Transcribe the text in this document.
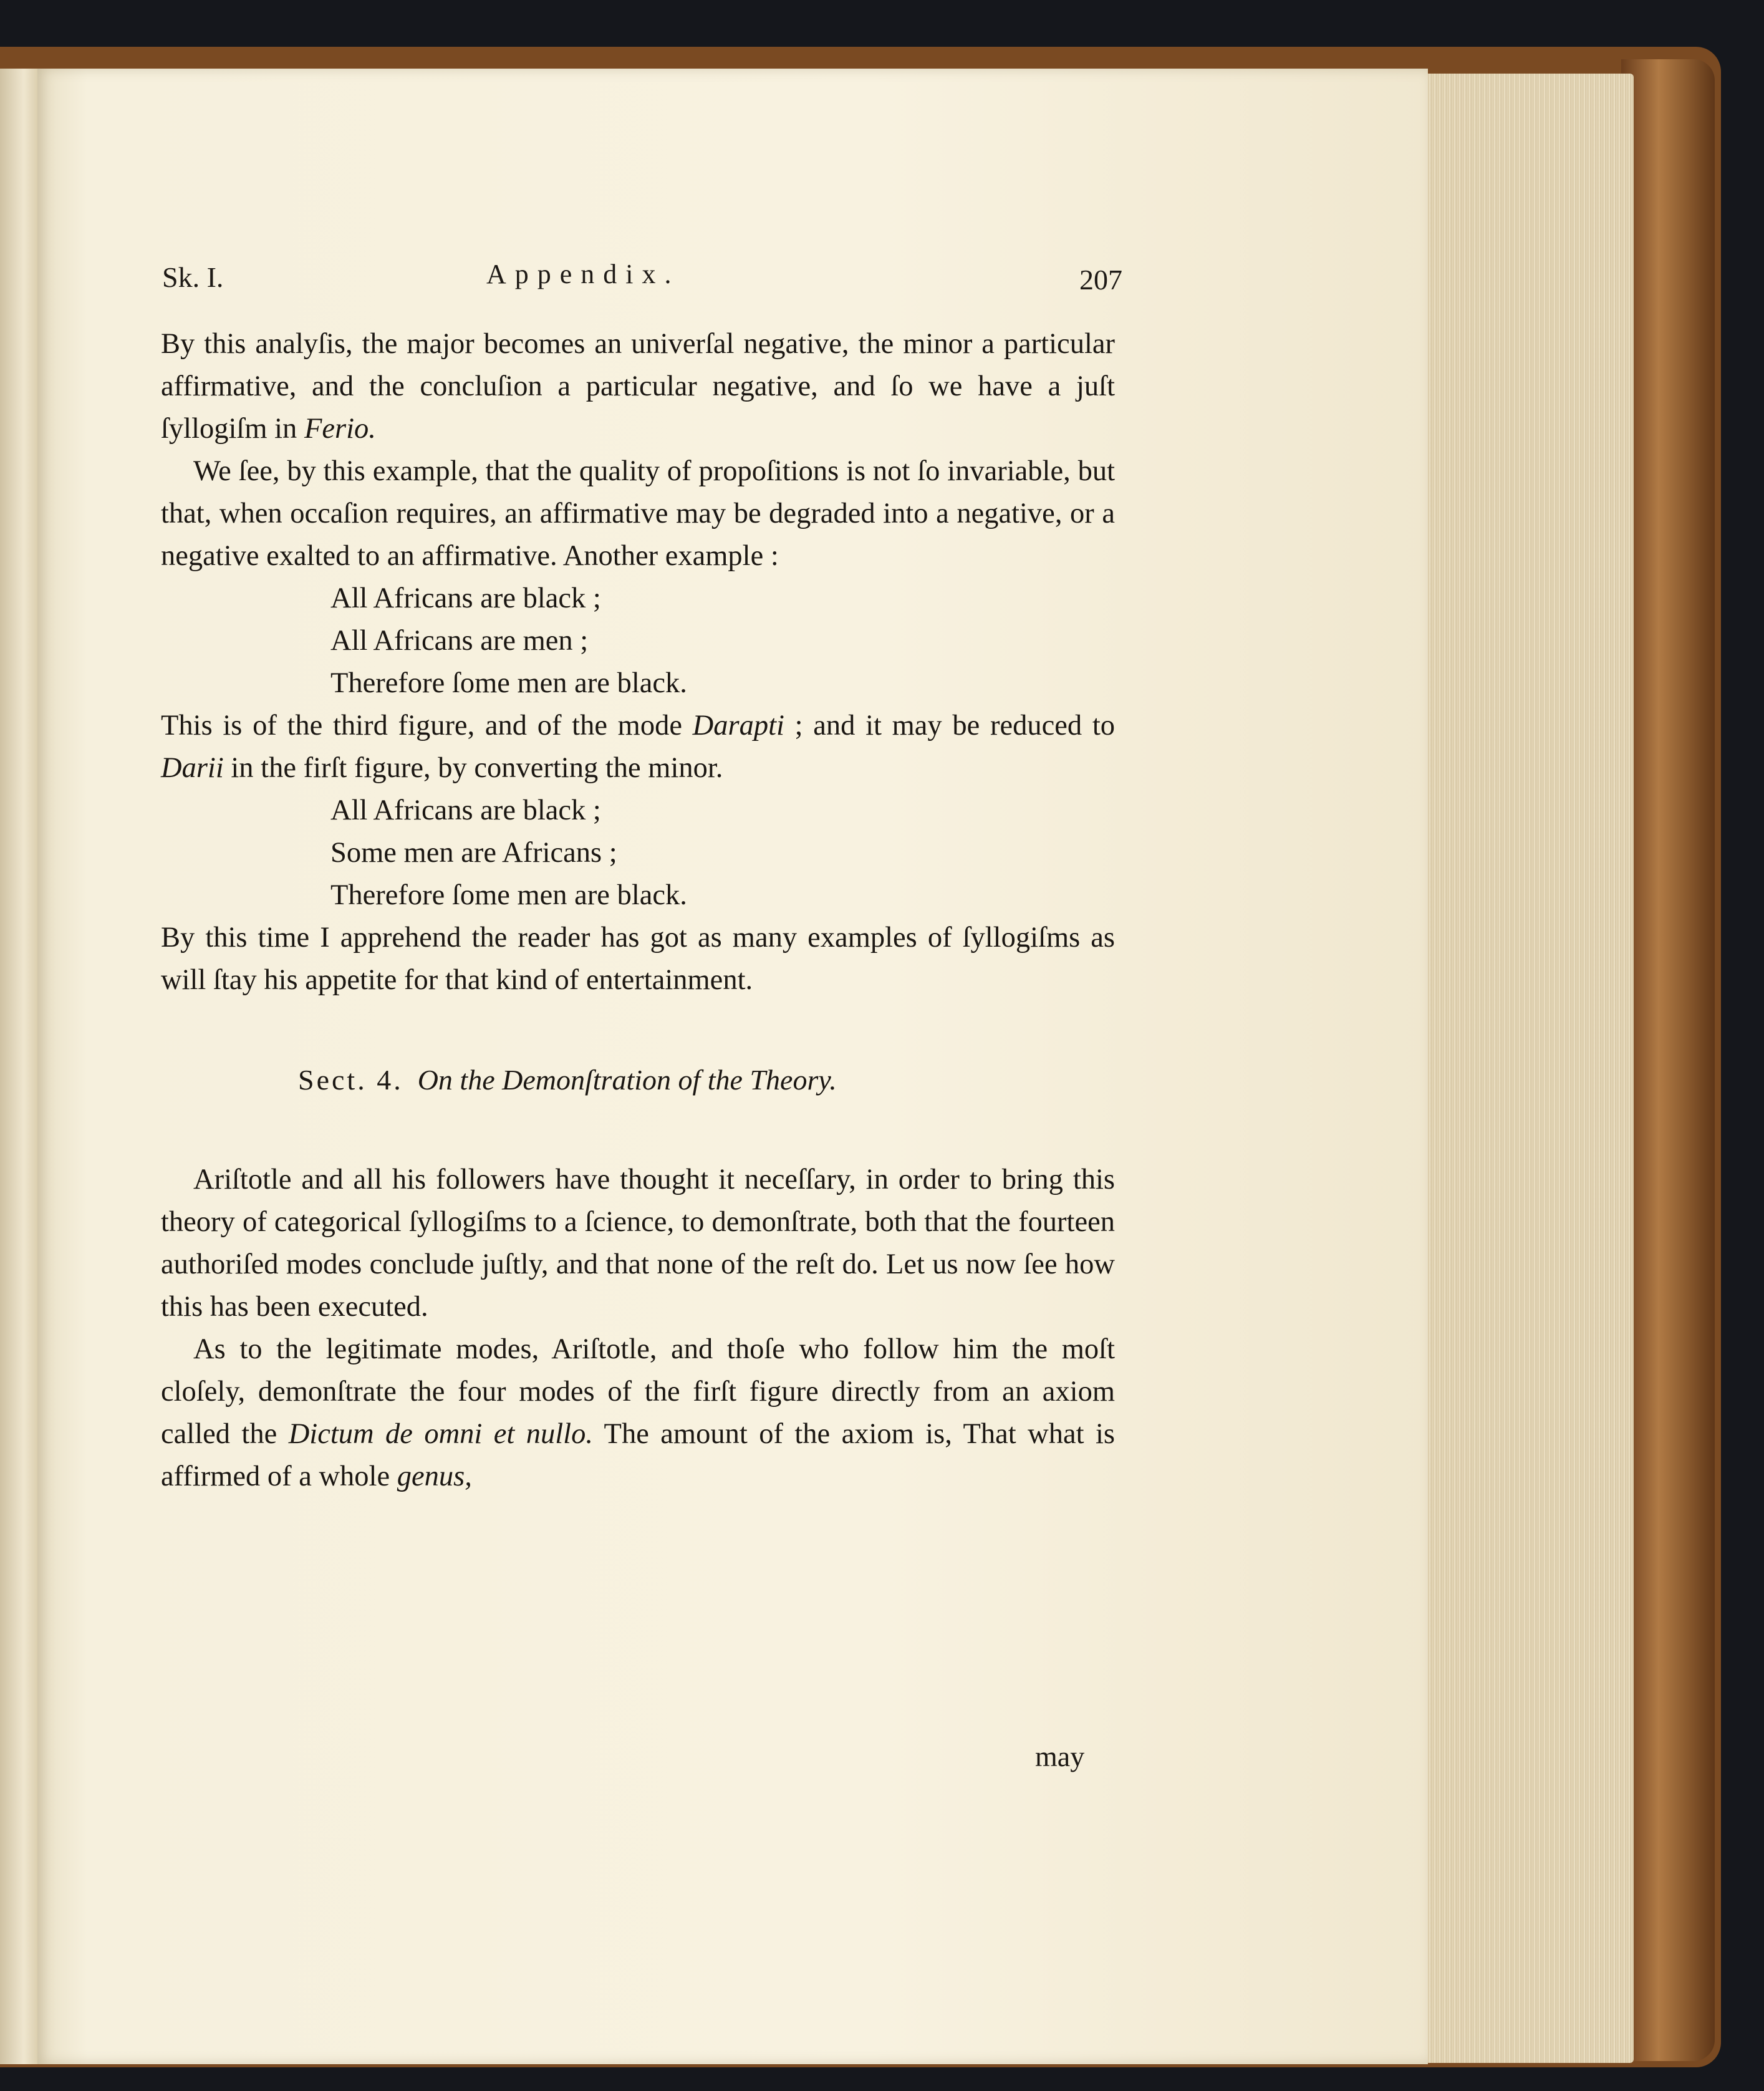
Sk. I.	Appendix.	207

By this analyſis, the major becomes an univerſal negative, the minor a particular affirmative, and the concluſion a particular negative, and ſo we have a juſt ſyllogiſm in Ferio.

We ſee, by this example, that the quality of propoſitions is not ſo invariable, but that, when occaſion requires, an affirmative may be degraded into a negative, or a negative exalted to an affirmative. Another example :

All Africans are black ;

All Africans are men ;

Therefore ſome men are black.

This is of the third figure, and of the mode Darapti ; and it may be reduced to Darii in the firſt figure, by converting the minor.

All Africans are black ;

Some men are Africans ;

Therefore ſome men are black.

By this time I apprehend the reader has got as many examples of ſyllogiſms as will ſtay his appetite for that kind of entertainment.

Sect. 4. On the Demonſtration of the Theory.

Ariſtotle and all his followers have thought it neceſſary, in order to bring this theory of categorical ſyllogiſms to a ſcience, to demonſtrate, both that the fourteen authoriſed modes conclude juſtly, and that none of the reſt do. Let us now ſee how this has been executed.

As to the legitimate modes, Ariſtotle, and thoſe who follow him the moſt cloſely, demonſtrate the four modes of the firſt figure directly from an axiom called the Dictum de omni et nullo. The amount of the axiom is, That what is affirmed of a whole genus,

may
